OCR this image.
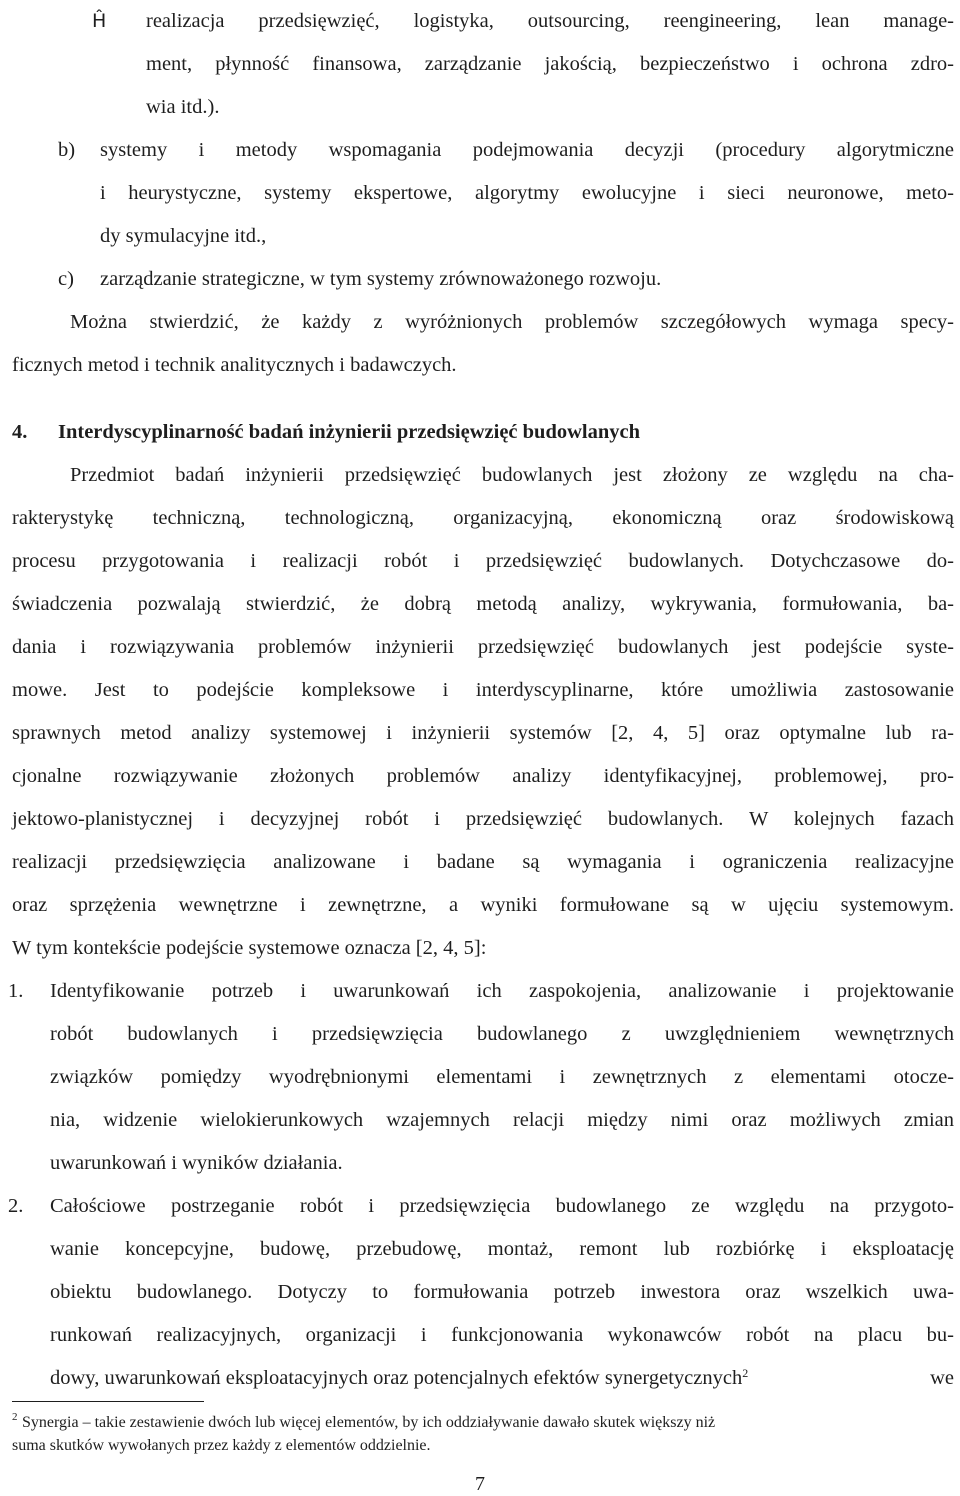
Ĥ realizacja przedsięwzięć, logistyka, outsourcing, reengineering, lean manage-
ment, płynność finansowa, zarządzanie jakością, bezpieczeństwo i ochrona zdro-
wia itd.).
b) systemy i metody wspomagania podejmowania decyzji (procedury algorytmiczne
i heurystyczne, systemy ekspertowe, algorytmy ewolucyjne i sieci neuronowe, meto-
dy symulacyjne itd.,
c) zarządzanie strategiczne, w tym systemy zrównoważonego rozwoju.
Można stwierdzić, że każdy z wyróżnionych problemów szczegółowych wymaga specy-
ficznych metod i technik analitycznych i badawczych.
4. Interdyscyplinarność badań inżynierii przedsięwzięć budowlanych
Przedmiot badań inżynierii przedsięwzięć budowlanych jest złożony ze względu na cha-
rakterystykę techniczną, technologiczną, organizacyjną, ekonomiczną oraz środowiskową
procesu przygotowania i realizacji robót i przedsięwzięć budowlanych. Dotychczasowe do-
świadczenia pozwalają stwierdzić, że dobrą metodą analizy, wykrywania, formułowania, ba-
dania i rozwiązywania problemów inżynierii przedsięwzięć budowlanych jest podejście syste-
mowe. Jest to podejście kompleksowe i interdyscyplinarne, które umożliwia zastosowanie
sprawnych metod analizy systemowej i inżynierii systemów [2, 4, 5] oraz optymalne lub ra-
cjonalne rozwiązywanie złożonych problemów analizy identyfikacyjnej, problemowej, pro-
jektowo-planistycznej i decyzyjnej robót i przedsięwzięć budowlanych. W kolejnych fazach
realizacji przedsięwzięcia analizowane i badane są wymagania i ograniczenia realizacyjne
oraz sprzężenia wewnętrzne i zewnętrzne, a wyniki formułowane są w ujęciu systemowym.
W tym kontekście podejście systemowe oznacza [2, 4, 5]:
1. Identyfikowanie potrzeb i uwarunkowań ich zaspokojenia, analizowanie i projektowanie
robót budowlanych i przedsięwzięcia budowlanego z uwzględnieniem wewnętrznych
związków pomiędzy wyodrębnionymi elementami i zewnętrznych z elementami otocze-
nia, widzenie wielokierunkowych wzajemnych relacji między nimi oraz możliwych zmian
uwarunkowań i wyników działania.
2. Całościowe postrzeganie robót i przedsięwzięcia budowlanego ze względu na przygoto-
wanie koncepcyjne, budowę, przebudowę, montaż, remont lub rozbiórkę i eksploatację
obiektu budowlanego. Dotyczy to formułowania potrzeb inwestora oraz wszelkich uwa-
runkowań realizacyjnych, organizacji i funkcjonowania wykonawców robót na placu bu-
dowy, uwarunkowań eksploatacyjnych oraz potencjalnych efektów synergetycznych$^2$	we
2 Synergia – takie zestawienie dwóch lub więcej elementów, by ich oddziaływanie dawało skutek większy niż
suma skutków wywołanych przez każdy z elementów oddzielnie.
7
